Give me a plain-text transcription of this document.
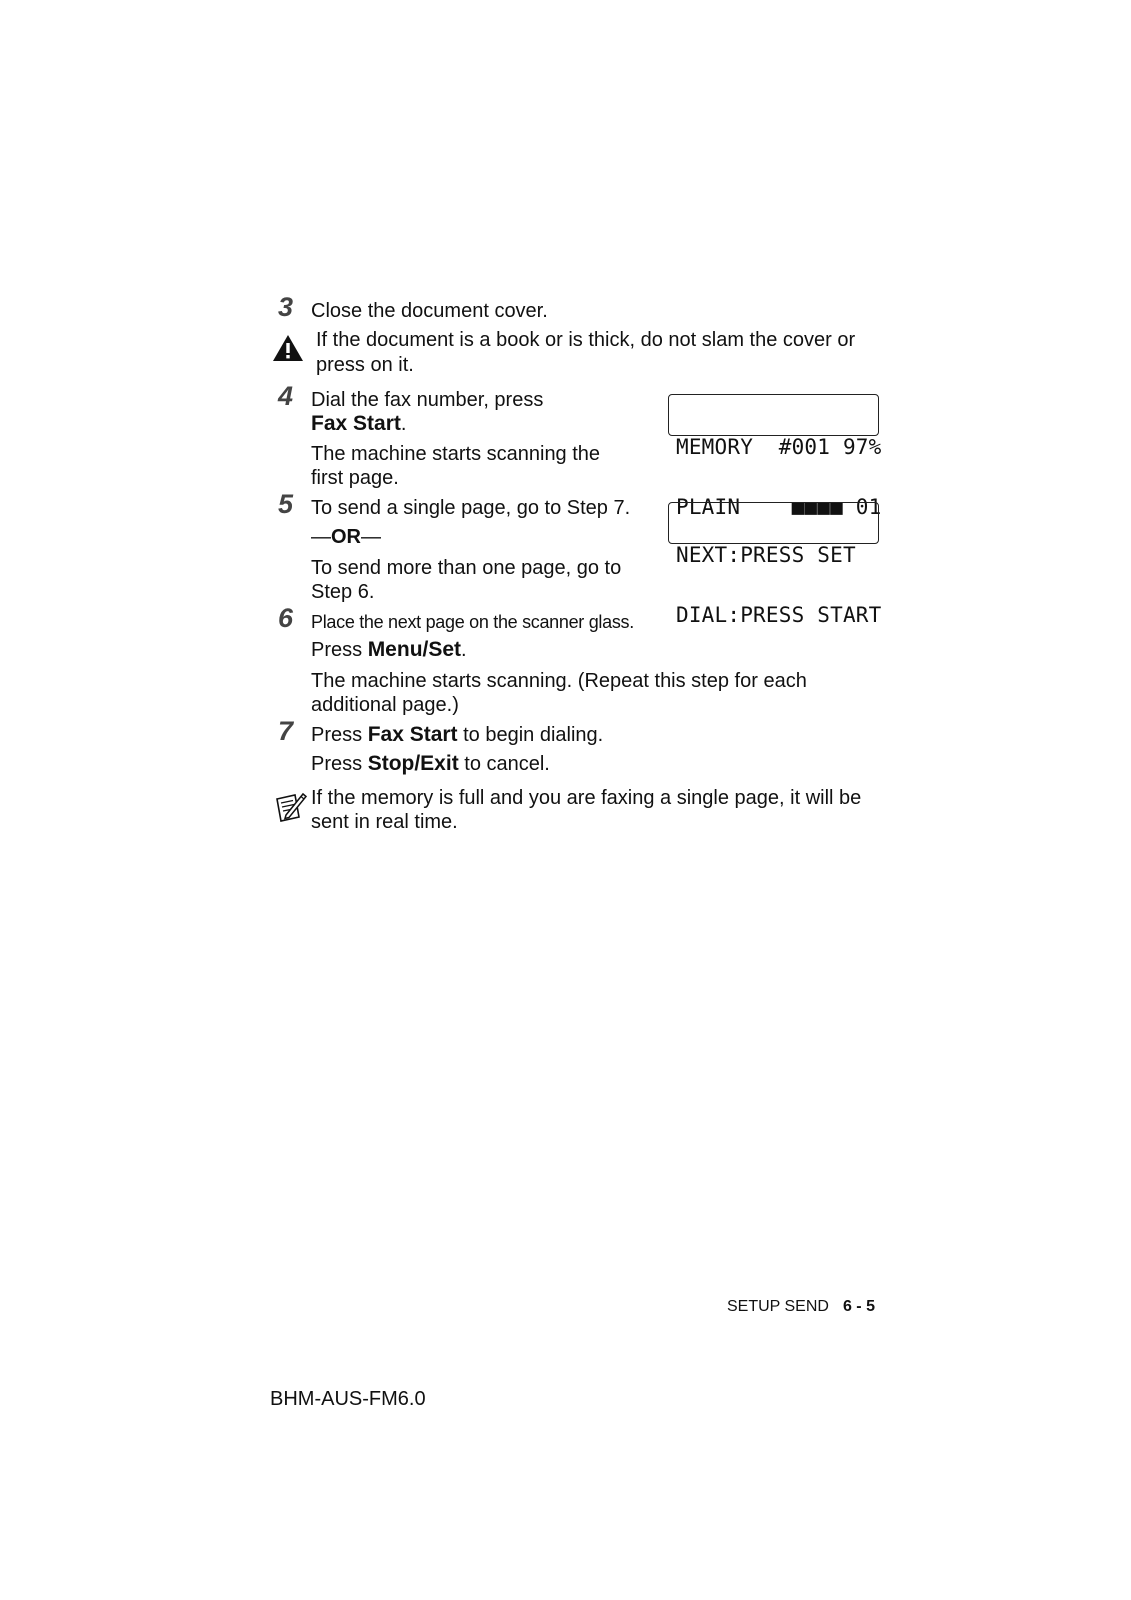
3 Close the document cover.
If the document is a book or is thick, do not slam the cover or
press on it.
4 Dial the fax number, press
Fax Start.
The machine starts scanning the
first page.

MEMORY  #001 97%

PLAIN    ■■■■ 01

5 To send a single page, go to Step 7.
—OR—
To send more than one page, go to
Step 6.

NEXT:PRESS SET

DIAL:PRESS START

6 Place the next page on the scanner glass.
Press Menu/Set.
The machine starts scanning. (Repeat this step for each
additional page.)
7 Press Fax Start to begin dialing.
Press Stop/Exit to cancel.
If the memory is full and you are faxing a single page, it will be
sent in real time.
SETUP SEND 6 - 5
BHM-AUS-FM6.0
